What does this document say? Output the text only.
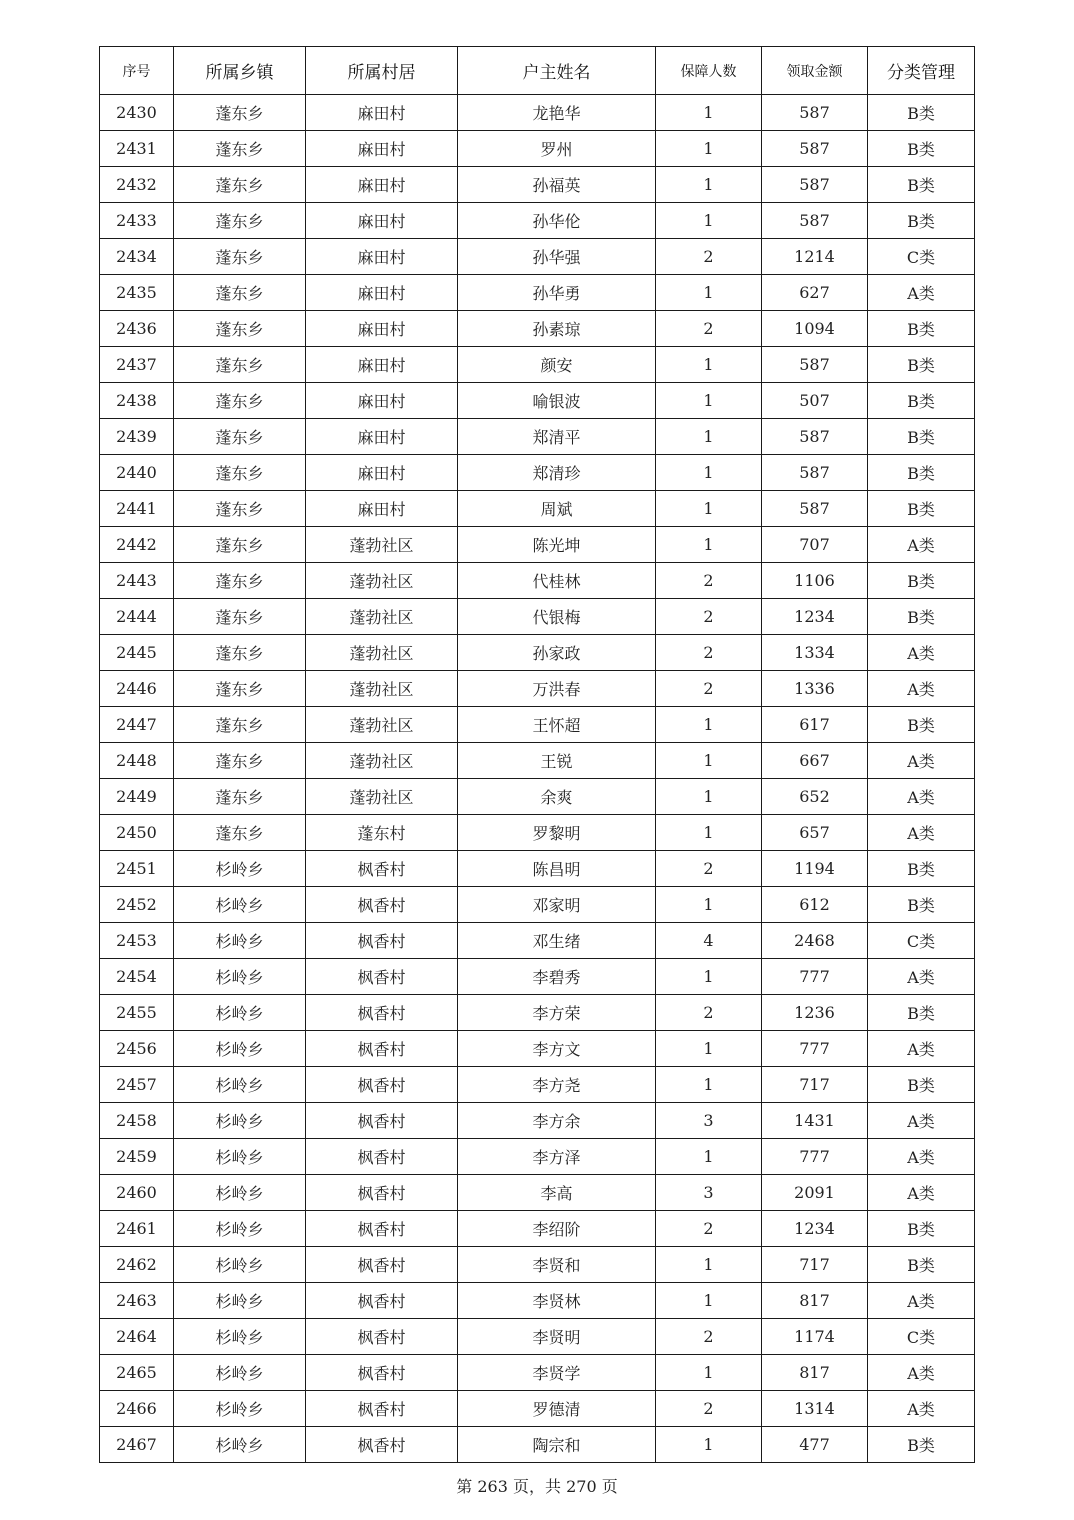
序号	所属乡镇	所属村居	户主姓名	保障人数	领取金额	分类管理
2430	蓬东乡	麻田村	龙艳华	1	587	B类
2431	蓬东乡	麻田村	罗州	1	587	B类
2432	蓬东乡	麻田村	孙福英	1	587	B类
2433	蓬东乡	麻田村	孙华伦	1	587	B类
2434	蓬东乡	麻田村	孙华强	2	1214	C类
2435	蓬东乡	麻田村	孙华勇	1	627	A类
2436	蓬东乡	麻田村	孙素琼	2	1094	B类
2437	蓬东乡	麻田村	颜安	1	587	B类
2438	蓬东乡	麻田村	喻银波	1	507	B类
2439	蓬东乡	麻田村	郑清平	1	587	B类
2440	蓬东乡	麻田村	郑清珍	1	587	B类
2441	蓬东乡	麻田村	周斌	1	587	B类
2442	蓬东乡	蓬勃社区	陈光坤	1	707	A类
2443	蓬东乡	蓬勃社区	代桂林	2	1106	B类
2444	蓬东乡	蓬勃社区	代银梅	2	1234	B类
2445	蓬东乡	蓬勃社区	孙家政	2	1334	A类
2446	蓬东乡	蓬勃社区	万洪春	2	1336	A类
2447	蓬东乡	蓬勃社区	王怀超	1	617	B类
2448	蓬东乡	蓬勃社区	王锐	1	667	A类
2449	蓬东乡	蓬勃社区	余爽	1	652	A类
2450	蓬东乡	蓬东村	罗黎明	1	657	A类
2451	杉岭乡	枫香村	陈昌明	2	1194	B类
2452	杉岭乡	枫香村	邓家明	1	612	B类
2453	杉岭乡	枫香村	邓生绪	4	2468	C类
2454	杉岭乡	枫香村	李碧秀	1	777	A类
2455	杉岭乡	枫香村	李方荣	2	1236	B类
2456	杉岭乡	枫香村	李方文	1	777	A类
2457	杉岭乡	枫香村	李方尧	1	717	B类
2458	杉岭乡	枫香村	李方余	3	1431	A类
2459	杉岭乡	枫香村	李方泽	1	777	A类
2460	杉岭乡	枫香村	李高	3	2091	A类
2461	杉岭乡	枫香村	李绍阶	2	1234	B类
2462	杉岭乡	枫香村	李贤和	1	717	B类
2463	杉岭乡	枫香村	李贤林	1	817	A类
2464	杉岭乡	枫香村	李贤明	2	1174	C类
2465	杉岭乡	枫香村	李贤学	1	817	A类
2466	杉岭乡	枫香村	罗德清	2	1314	A类
2467	杉岭乡	枫香村	陶宗和	1	477	B类
第 263 页，共 270 页
